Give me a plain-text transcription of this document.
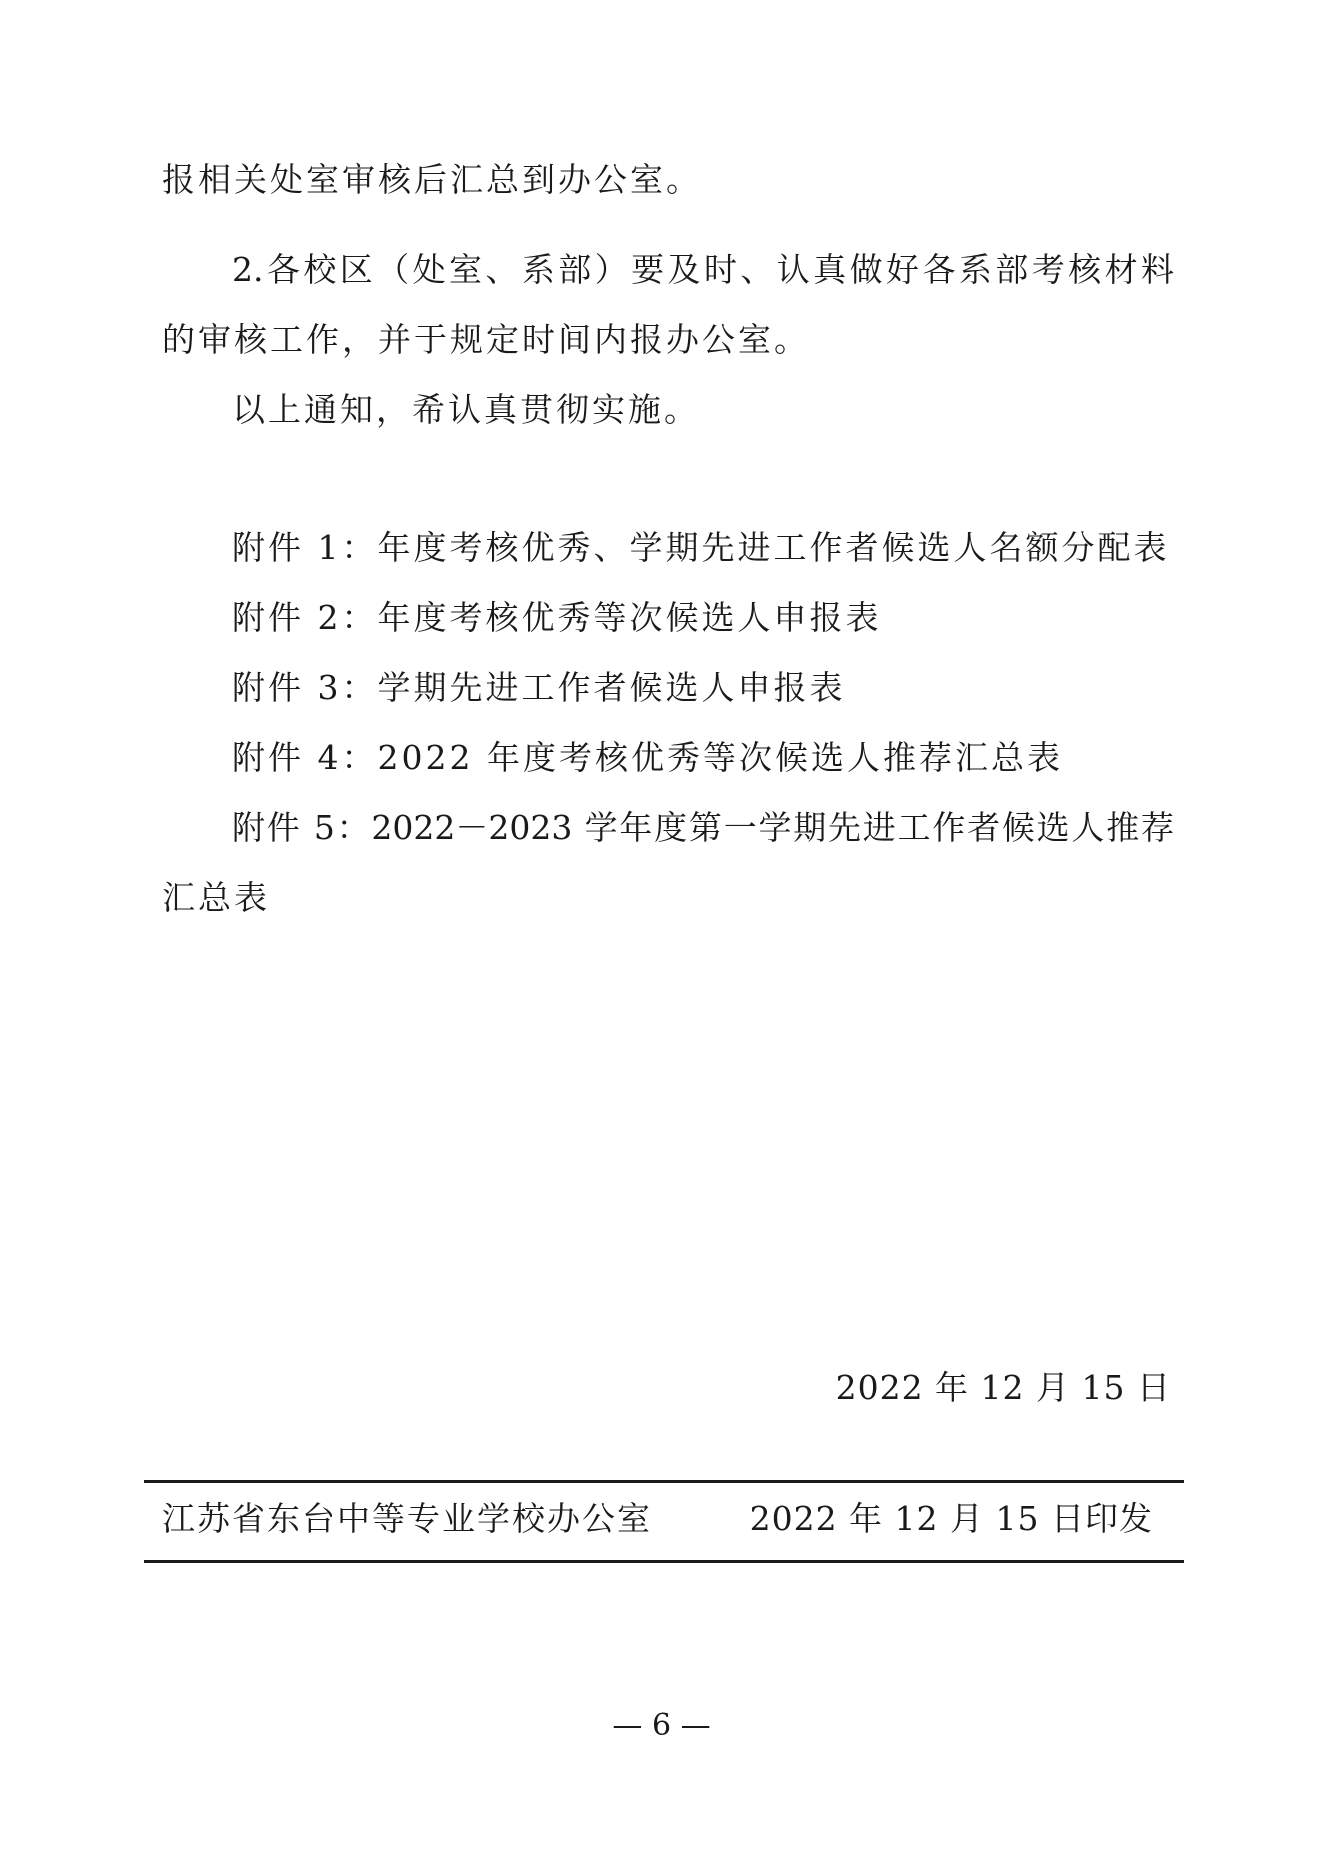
报相关处室审核后汇总到办公室。
2.各校区（处室、系部）要及时、认真做好各系部考核材料
的审核工作，并于规定时间内报办公室。
以上通知，希认真贯彻实施。
附件 1：年度考核优秀、学期先进工作者候选人名额分配表
附件 2：年度考核优秀等次候选人申报表
附件 3：学期先进工作者候选人申报表
附件 4：2022 年度考核优秀等次候选人推荐汇总表
附件 5：2022－2023 学年度第一学期先进工作者候选人推荐
汇总表
2022 年 12 月 15 日
江苏省东台中等专业学校办公室	2022 年 12 月 15 日印发
— 6 —
